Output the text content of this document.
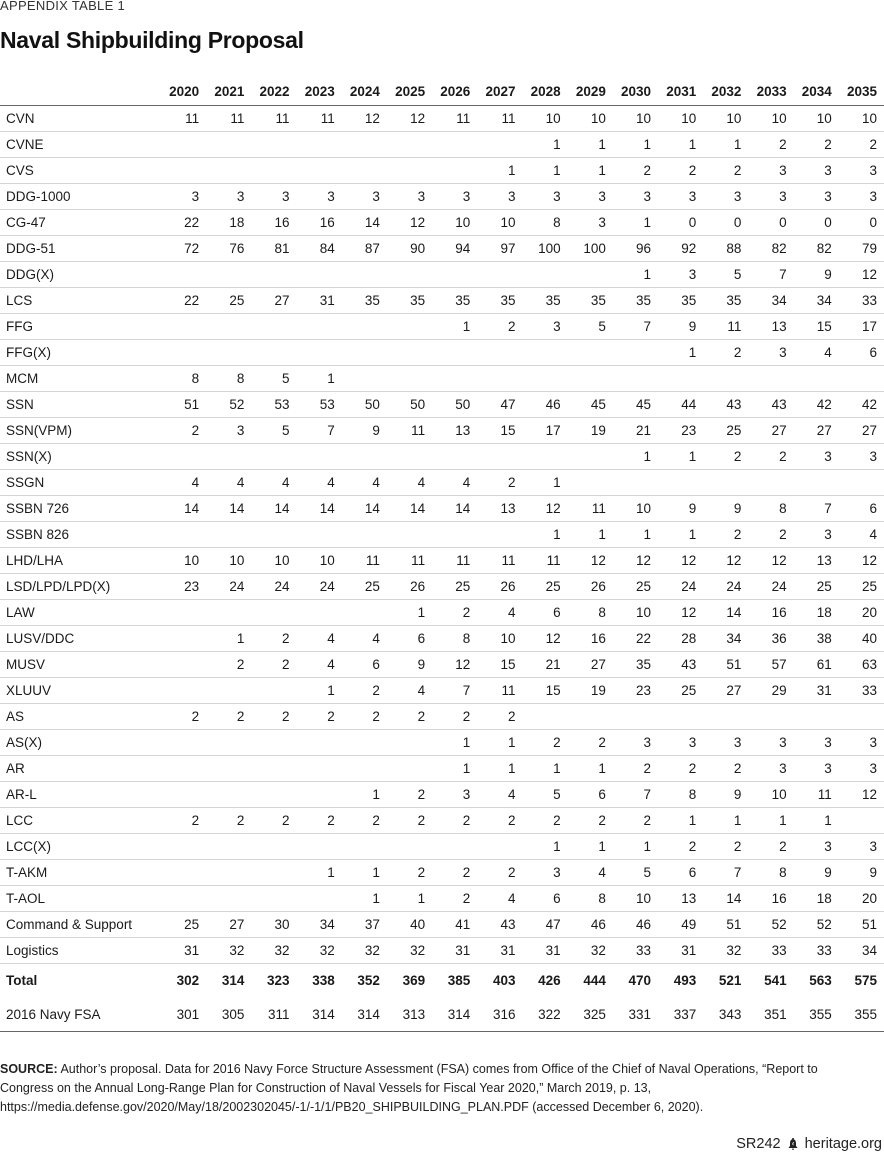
APPENDIX TABLE 1
Naval Shipbuilding Proposal
	2020	2021	2022	2023	2024	2025	2026	2027	2028	2029	2030	2031	2032	2033	2034	2035
CVN	11	11	11	11	12	12	11	11	10	10	10	10	10	10	10	10
CVNE									1	1	1	1	1	2	2	2
CVS								1	1	1	2	2	2	3	3	3
DDG-1000	3	3	3	3	3	3	3	3	3	3	3	3	3	3	3	3
CG-47	22	18	16	16	14	12	10	10	8	3	1	0	0	0	0	0
DDG-51	72	76	81	84	87	90	94	97	100	100	96	92	88	82	82	79
DDG(X)											1	3	5	7	9	12
LCS	22	25	27	31	35	35	35	35	35	35	35	35	35	34	34	33
FFG							1	2	3	5	7	9	11	13	15	17
FFG(X)												1	2	3	4	6
MCM	8	8	5	1												
SSN	51	52	53	53	50	50	50	47	46	45	45	44	43	43	42	42
SSN(VPM)	2	3	5	7	9	11	13	15	17	19	21	23	25	27	27	27
SSN(X)											1	1	2	2	3	3
SSGN	4	4	4	4	4	4	4	2	1							
SSBN 726	14	14	14	14	14	14	14	13	12	11	10	9	9	8	7	6
SSBN 826									1	1	1	1	2	2	3	4
LHD/LHA	10	10	10	10	11	11	11	11	11	12	12	12	12	12	13	12
LSD/LPD/LPD(X)	23	24	24	24	25	26	25	26	25	26	25	24	24	24	25	25
LAW						1	2	4	6	8	10	12	14	16	18	20
LUSV/DDC		1	2	4	4	6	8	10	12	16	22	28	34	36	38	40
MUSV		2	2	4	6	9	12	15	21	27	35	43	51	57	61	63
XLUUV				1	2	4	7	11	15	19	23	25	27	29	31	33
AS	2	2	2	2	2	2	2	2								
AS(X)							1	1	2	2	3	3	3	3	3	3
AR							1	1	1	1	2	2	2	3	3	3
AR-L					1	2	3	4	5	6	7	8	9	10	11	12
LCC	2	2	2	2	2	2	2	2	2	2	2	1	1	1	1	
LCC(X)									1	1	1	2	2	2	3	3
T-AKM				1	1	2	2	2	3	4	5	6	7	8	9	9
T-AOL					1	1	2	4	6	8	10	13	14	16	18	20
Command & Support	25	27	30	34	37	40	41	43	47	46	46	49	51	52	52	51
Logistics	31	32	32	32	32	32	31	31	31	32	33	31	32	33	33	34
Total	302	314	323	338	352	369	385	403	426	444	470	493	521	541	563	575
2016 Navy FSA	301	305	311	314	314	313	314	316	322	325	331	337	343	351	355	355
SOURCE: Author’s proposal. Data for 2016 Navy Force Structure Assessment (FSA) comes from Office of the Chief of Naval Operations, “Report to Congress on the Annual Long-Range Plan for Construction of Naval Vessels for Fiscal Year 2020,” March 2019, p. 13, https://media.defense.gov/2020/May/18/2002302045/-1/-1/1/PB20_SHIPBUILDING_PLAN.PDF (accessed December 6, 2020).
SR242 heritage.org
